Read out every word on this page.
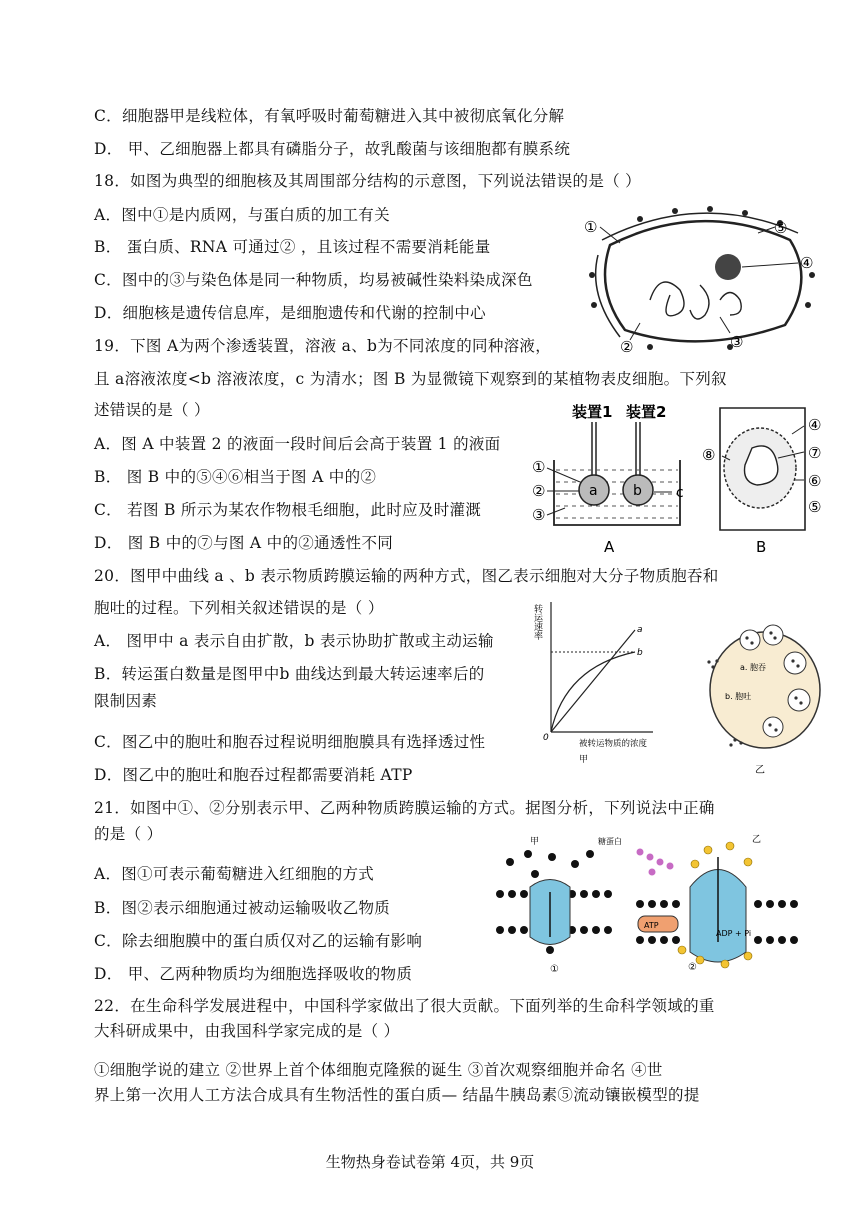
C．细胞器甲是线粒体，有氧呼吸时葡萄糖进入其中被彻底氧化分解
D． 甲、乙细胞器上都具有磷脂分子，故乳酸菌与该细胞都有膜系统
18．如图为典型的细胞核及其周围部分结构的示意图，下列说法错误的是（ ）
A．图中①是内质网，与蛋白质的加工有关
B． 蛋白质、RNA 可通过② ，且该过程不需要消耗能量
C．图中的③与染色体是同一种物质，均易被碱性染料染成深色
D．细胞核是遗传信息库，是细胞遗传和代谢的控制中心
①	⑤
④
③
②
19．下图 A为两个渗透装置，溶液 a、b为不同浓度的同种溶液，
且 a溶液浓度<b 溶液浓度，c 为清水；图 B 为显微镜下观察到的某植物表皮细胞。下列叙
述错误的是（ ）
A．图 A 中装置 2 的液面一段时间后会高于装置 1 的液面
B． 图 B 中的⑤④⑥相当于图 A 中的②
C． 若图 B 所示为某农作物根毛细胞，此时应及时灌溉
D． 图 B 中的⑦与图 A 中的②通透性不同
装置1 装置2
a	b c
①
②
③
A
④
⑦
⑥
⑤
⑧
B
20．图甲中曲线 a 、b 表示物质跨膜运输的两种方式，图乙表示细胞对大分子物质胞吞和
胞吐的过程。下列相关叙述错误的是（ ）
A． 图甲中 a 表示自由扩散，b 表示协助扩散或主动运输
B．转运蛋白数量是图甲中b 曲线达到最大转运速率后的
限制因素
C．图乙中的胞吐和胞吞过程说明细胞膜具有选择透过性
D．图乙中的胞吐和胞吞过程都需要消耗 ATP
a
b
0
转运速率
被转运物质的浓度
甲
a. 胞吞
b. 胞吐
乙
21．如图中①、②分别表示甲、乙两种物质跨膜运输的方式。据图分析，下列说法中正确
的是（ ）
A．图①可表示葡萄糖进入红细胞的方式
B．图②表示细胞通过被动运输吸收乙物质
C．除去细胞膜中的蛋白质仅对乙的运输有影响
D． 甲、乙两种物质均为细胞选择吸收的物质
甲
①
糖蛋白	乙
ATP
ADP + Pi
②
22．在生命科学发展进程中，中国科学家做出了很大贡献。下面列举的生命科学领域的重
大科研成果中，由我国科学家完成的是（ ）
①细胞学说的建立 ②世界上首个体细胞克隆猴的诞生 ③首次观察细胞并命名 ④世
界上第一次用人工方法合成具有生物活性的蛋白质— 结晶牛胰岛素⑤流动镶嵌模型的提
生物热身卷试卷第 4页，共 9页
